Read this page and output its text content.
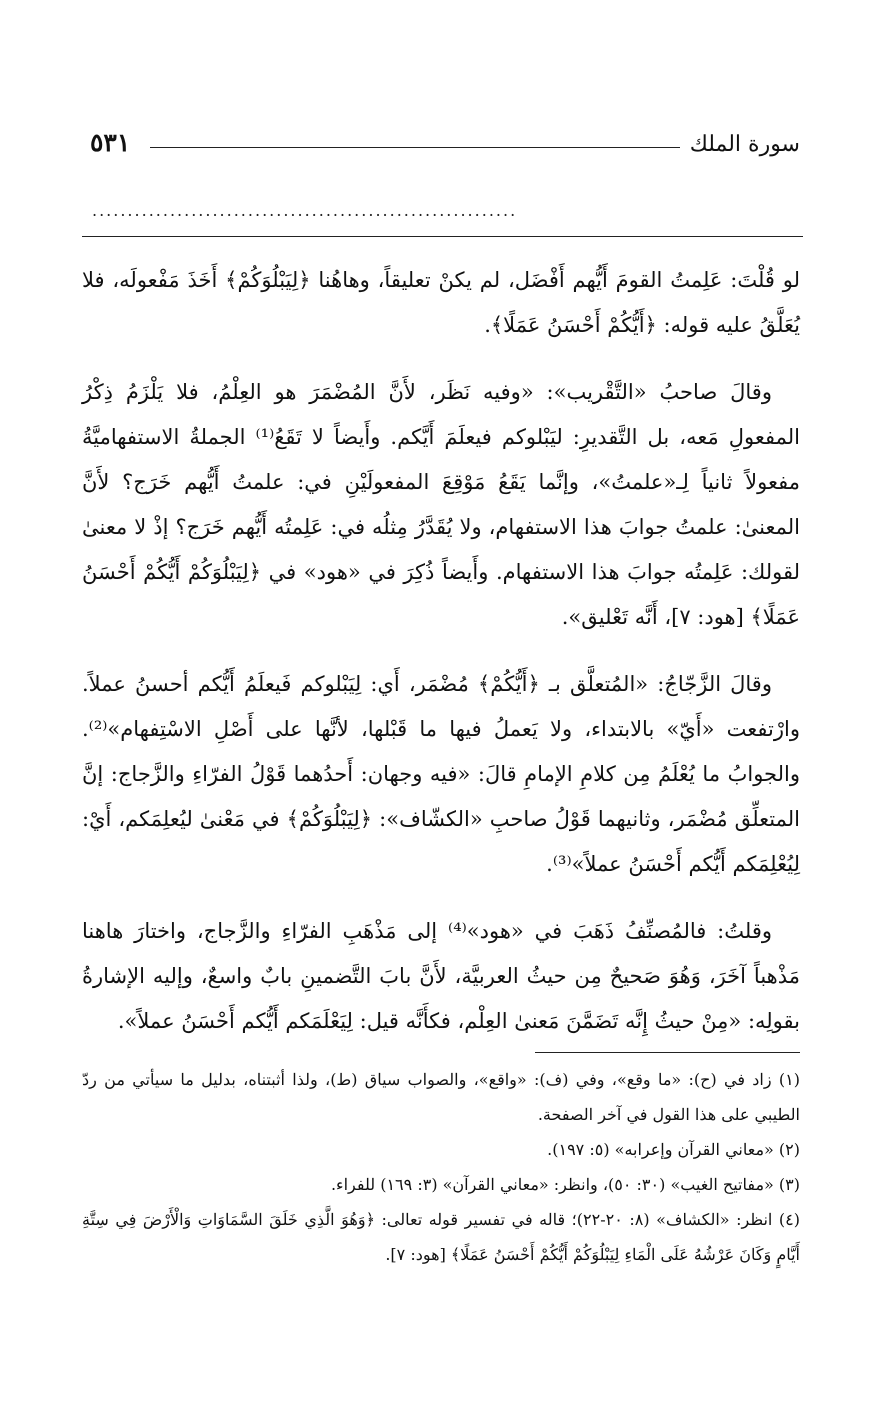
٥٣١	سورة الملك
............................................................

لو قُلْتَ: عَلِمتُ القومَ أَيُّهم أَفْضَل، لم يكنْ تعليقاً، وهاهُنا ﴿لِيَبْلُوَكُمْ﴾ أَخَذَ مَفْعولَه، فلا يُعَلَّقُ عليه قوله: ﴿أَيُّكُمْ أَحْسَنُ عَمَلًا﴾.

وقالَ صاحبُ «التَّقْريب»: «وفيه نَظَر، لأَنَّ المُضْمَرَ هو العِلْمُ، فلا يَلْزَمُ ذِكْرُ المفعولِ مَعه، بل التَّقديرِ: ليَبْلوكم فيعلَمَ أَيَّكم. وأَيضاً لا تَقَعُ⁽¹⁾ الجملةُ الاستفهاميَّةُ مفعولاً ثانياً لِـ«علمتُ»، وإنَّما يَقَعُ مَوْقِعَ المفعولَيْنِ في: علمتُ أَيُّهم خَرَج؟ لأَنَّ المعنىٰ: علمتُ جوابَ هذا الاستفهام، ولا يُقَدَّرُ مِثلُه في: عَلِمتُه أَيُّهم خَرَج؟ إذْ لا معنىٰ لقولك: عَلِمتُه جوابَ هذا الاستفهام. وأَيضاً ذُكِرَ في «هود» في ﴿لِيَبْلُوَكُمْ أَيُّكُمْ أَحْسَنُ عَمَلًا﴾ [هود: ٧]، أَنَّه تَعْليق».

وقالَ الزَّجّاجُ: «المُتعلَّق بـ ﴿أَيُّكُمْ﴾ مُضْمَر، أَي: لِيَبْلوكم فَيعلَمُ أَيُّكم أحسنُ عملاً. وارْتفعت «أَيّ» بالابتداء، ولا يَعملُ فيها ما قَبْلها، لأنَّها على أَصْلِ الاسْتِفهام»⁽²⁾. والجوابُ ما يُعْلَمُ مِن كلامِ الإمامِ قالَ: «فيه وجهان: أَحدُهما قَوْلُ الفرّاءِ والزَّجاج: إنَّ المتعلِّق مُضْمَر، وثانيهما قَوْلُ صاحبِ «الكشّاف»: ﴿لِيَبْلُوَكُمْ﴾ في مَعْنىٰ ليُعلِمَكم، أَيْ: لِيُعْلِمَكم أَيُّكم أَحْسَنُ عملاً»⁽³⁾.

وقلتُ: فالمُصنِّفُ ذَهَبَ في «هود»⁽⁴⁾ إلى مَذْهَبِ الفرّاءِ والزَّجاج، واختارَ هاهنا مَذْهباً آخَرَ، وَهُوَ صَحيحٌ مِن حيثُ العربيَّة، لأَنَّ بابَ التَّضمينِ بابٌ واسعٌ، وإليه الإشارةُ بقولِه: «مِنْ حيثُ إِنَّه تَضَمَّنَ مَعنىٰ العِلْم، فكأَنَّه قيل: لِيَعْلَمَكم أَيُّكم أَحْسَنُ عملاً».

(١) زاد في (ح): «ما وقع»، وفي (ف): «واقع»، والصواب سياق (ط)، ولذا أثبتناه، بدليل ما سيأتي من ردّ الطيبي على هذا القول في آخر الصفحة.

(٢) «معاني القرآن وإعرابه» (٥: ١٩٧).

(٣) «مفاتيح الغيب» (٣٠: ٥٠)، وانظر: «معاني القرآن» (٣: ١٦٩) للفراء.

(٤) انظر: «الكشاف» (٨: ٢٠-٢٢)؛ قاله في تفسير قوله تعالى: ﴿وَهُوَ الَّذِي خَلَقَ السَّمَاوَاتِ وَالْأَرْضَ فِي سِتَّةِ أَيَّامٍ وَكَانَ عَرْشُهُ عَلَى الْمَاءِ لِيَبْلُوَكُمْ أَيُّكُمْ أَحْسَنُ عَمَلًا﴾ [هود: ٧].
